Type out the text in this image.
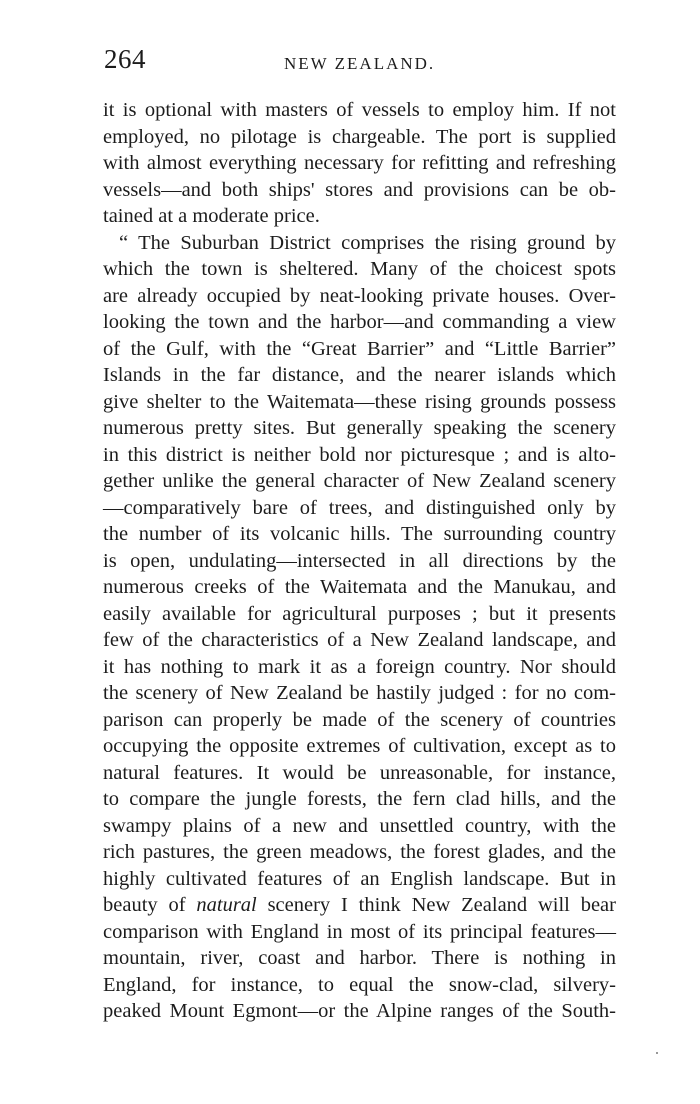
264	NEW ZEALAND.
it is optional with masters of vessels to employ him. If not
employed, no pilotage is chargeable. The port is supplied
with almost everything necessary for refitting and refreshing
vessels—and both ships' stores and provisions can be ob-
tained at a moderate price.
“ The Suburban District comprises the rising ground by
which the town is sheltered. Many of the choicest spots
are already occupied by neat-looking private houses. Over-
looking the town and the harbor—and commanding a view
of the Gulf, with the “Great Barrier” and “Little Barrier”
Islands in the far distance, and the nearer islands which
give shelter to the Waitemata—these rising grounds possess
numerous pretty sites. But generally speaking the scenery
in this district is neither bold nor picturesque ; and is alto-
gether unlike the general character of New Zealand scenery
—comparatively bare of trees, and distinguished only by
the number of its volcanic hills. The surrounding country
is open, undulating—intersected in all directions by the
numerous creeks of the Waitemata and the Manukau, and
easily available for agricultural purposes ; but it presents
few of the characteristics of a New Zealand landscape, and
it has nothing to mark it as a foreign country. Nor should
the scenery of New Zealand be hastily judged : for no com-
parison can properly be made of the scenery of countries
occupying the opposite extremes of cultivation, except as to
natural features. It would be unreasonable, for instance,
to compare the jungle forests, the fern clad hills, and the
swampy plains of a new and unsettled country, with the
rich pastures, the green meadows, the forest glades, and the
highly cultivated features of an English landscape. But in
beauty of natural scenery I think New Zealand will bear
comparison with England in most of its principal features—
mountain, river, coast and harbor. There is nothing in
England, for instance, to equal the snow-clad, silvery-
peaked Mount Egmont—or the Alpine ranges of the South-
